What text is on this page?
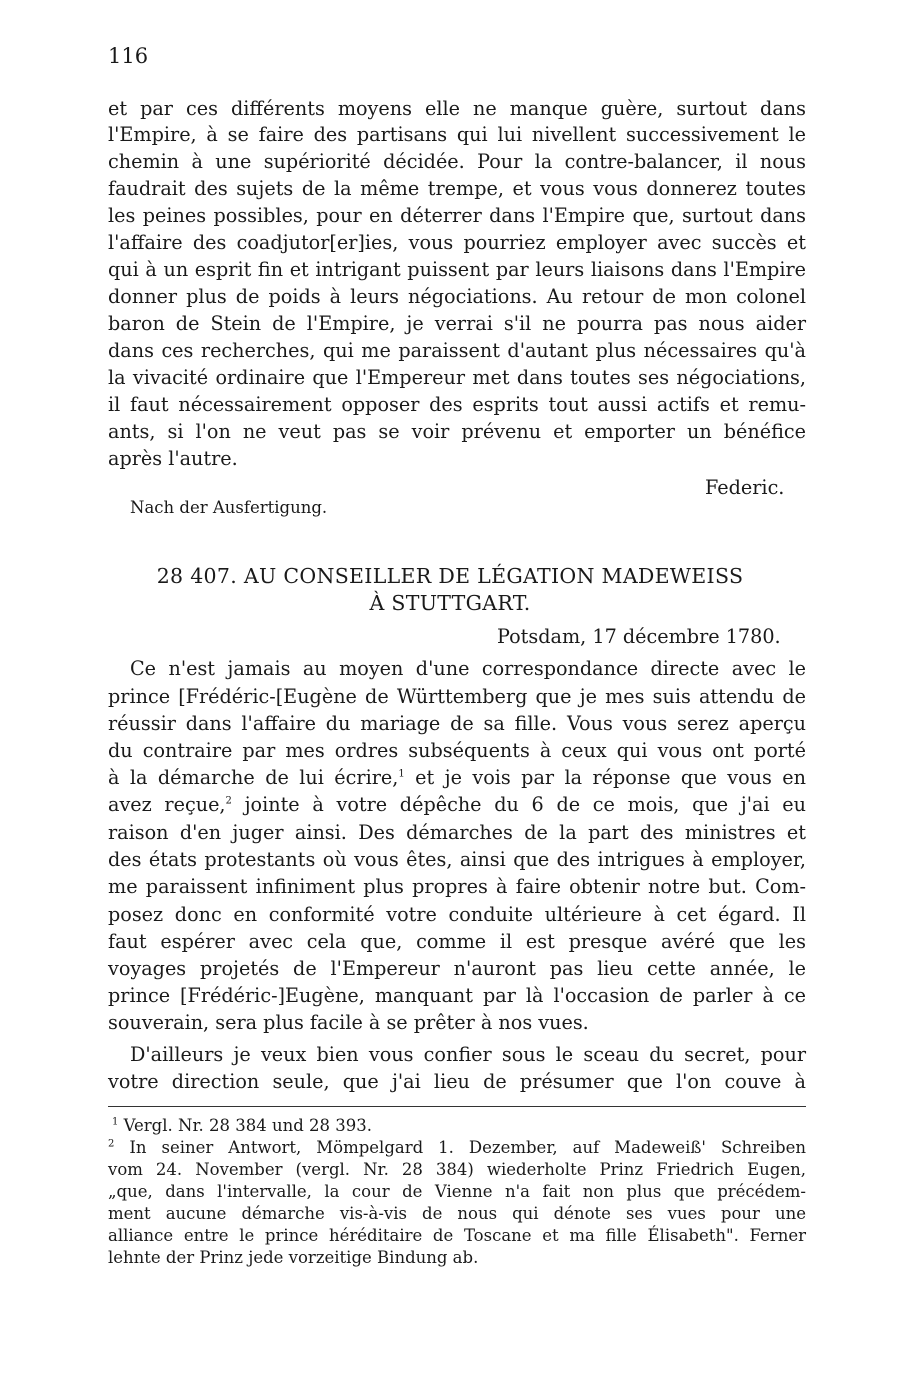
116
et par ces différents moyens elle ne manque guère, surtout dans
l'Empire, à se faire des partisans qui lui nivellent successivement le
chemin à une supériorité décidée. Pour la contre-balancer, il nous
faudrait des sujets de la même trempe, et vous vous donnerez toutes
les peines possibles, pour en déterrer dans l'Empire que, surtout dans
l'affaire des coadjutor[er]ies, vous pourriez employer avec succès et
qui à un esprit fin et intrigant puissent par leurs liaisons dans l'Empire
donner plus de poids à leurs négociations. Au retour de mon colonel
baron de Stein de l'Empire, je verrai s'il ne pourra pas nous aider
dans ces recherches, qui me paraissent d'autant plus nécessaires qu'à
la vivacité ordinaire que l'Empereur met dans toutes ses négociations,
il faut nécessairement opposer des esprits tout aussi actifs et remu-
ants, si l'on ne veut pas se voir prévenu et emporter un bénéfice
après l'autre.
Federic.
Nach der Ausfertigung.
28 407. AU CONSEILLER DE LÉGATION MADEWEISS
À STUTTGART.
Potsdam, 17 décembre 1780.
Ce n'est jamais au moyen d'une correspondance directe avec le
prince [Frédéric-[Eugène de Württemberg que je mes suis attendu de
réussir dans l'affaire du mariage de sa fille. Vous vous serez aperçu
du contraire par mes ordres subséquents à ceux qui vous ont porté
à la démarche de lui écrire,$^1$ et je vois par la réponse que vous en
avez reçue,$^2$ jointe à votre dépêche du 6 de ce mois, que j'ai eu
raison d'en juger ainsi. Des démarches de la part des ministres et
des états protestants où vous êtes, ainsi que des intrigues à employer,
me paraissent infiniment plus propres à faire obtenir notre but. Com-
posez donc en conformité votre conduite ultérieure à cet égard. Il
faut espérer avec cela que, comme il est presque avéré que les
voyages projetés de l'Empereur n'auront pas lieu cette année, le
prince [Frédéric-]Eugène, manquant par là l'occasion de parler à ce
souverain, sera plus facile à se prêter à nos vues.
D'ailleurs je veux bien vous confier sous le sceau du secret, pour
votre direction seule, que j'ai lieu de présumer que l'on couve à
$^1$ Vergl. Nr. 28 384 und 28 393.
$^2$ In seiner Antwort, Mömpelgard 1. Dezember, auf Madeweiß' Schreiben
vom 24. November (vergl. Nr. 28 384) wiederholte Prinz Friedrich Eugen,
„que, dans l'intervalle, la cour de Vienne n'a fait non plus que précédem-
ment aucune démarche vis-à-vis de nous qui dénote ses vues pour une
alliance entre le prince héréditaire de Toscane et ma fille Élisabeth". Ferner
lehnte der Prinz jede vorzeitige Bindung ab.
